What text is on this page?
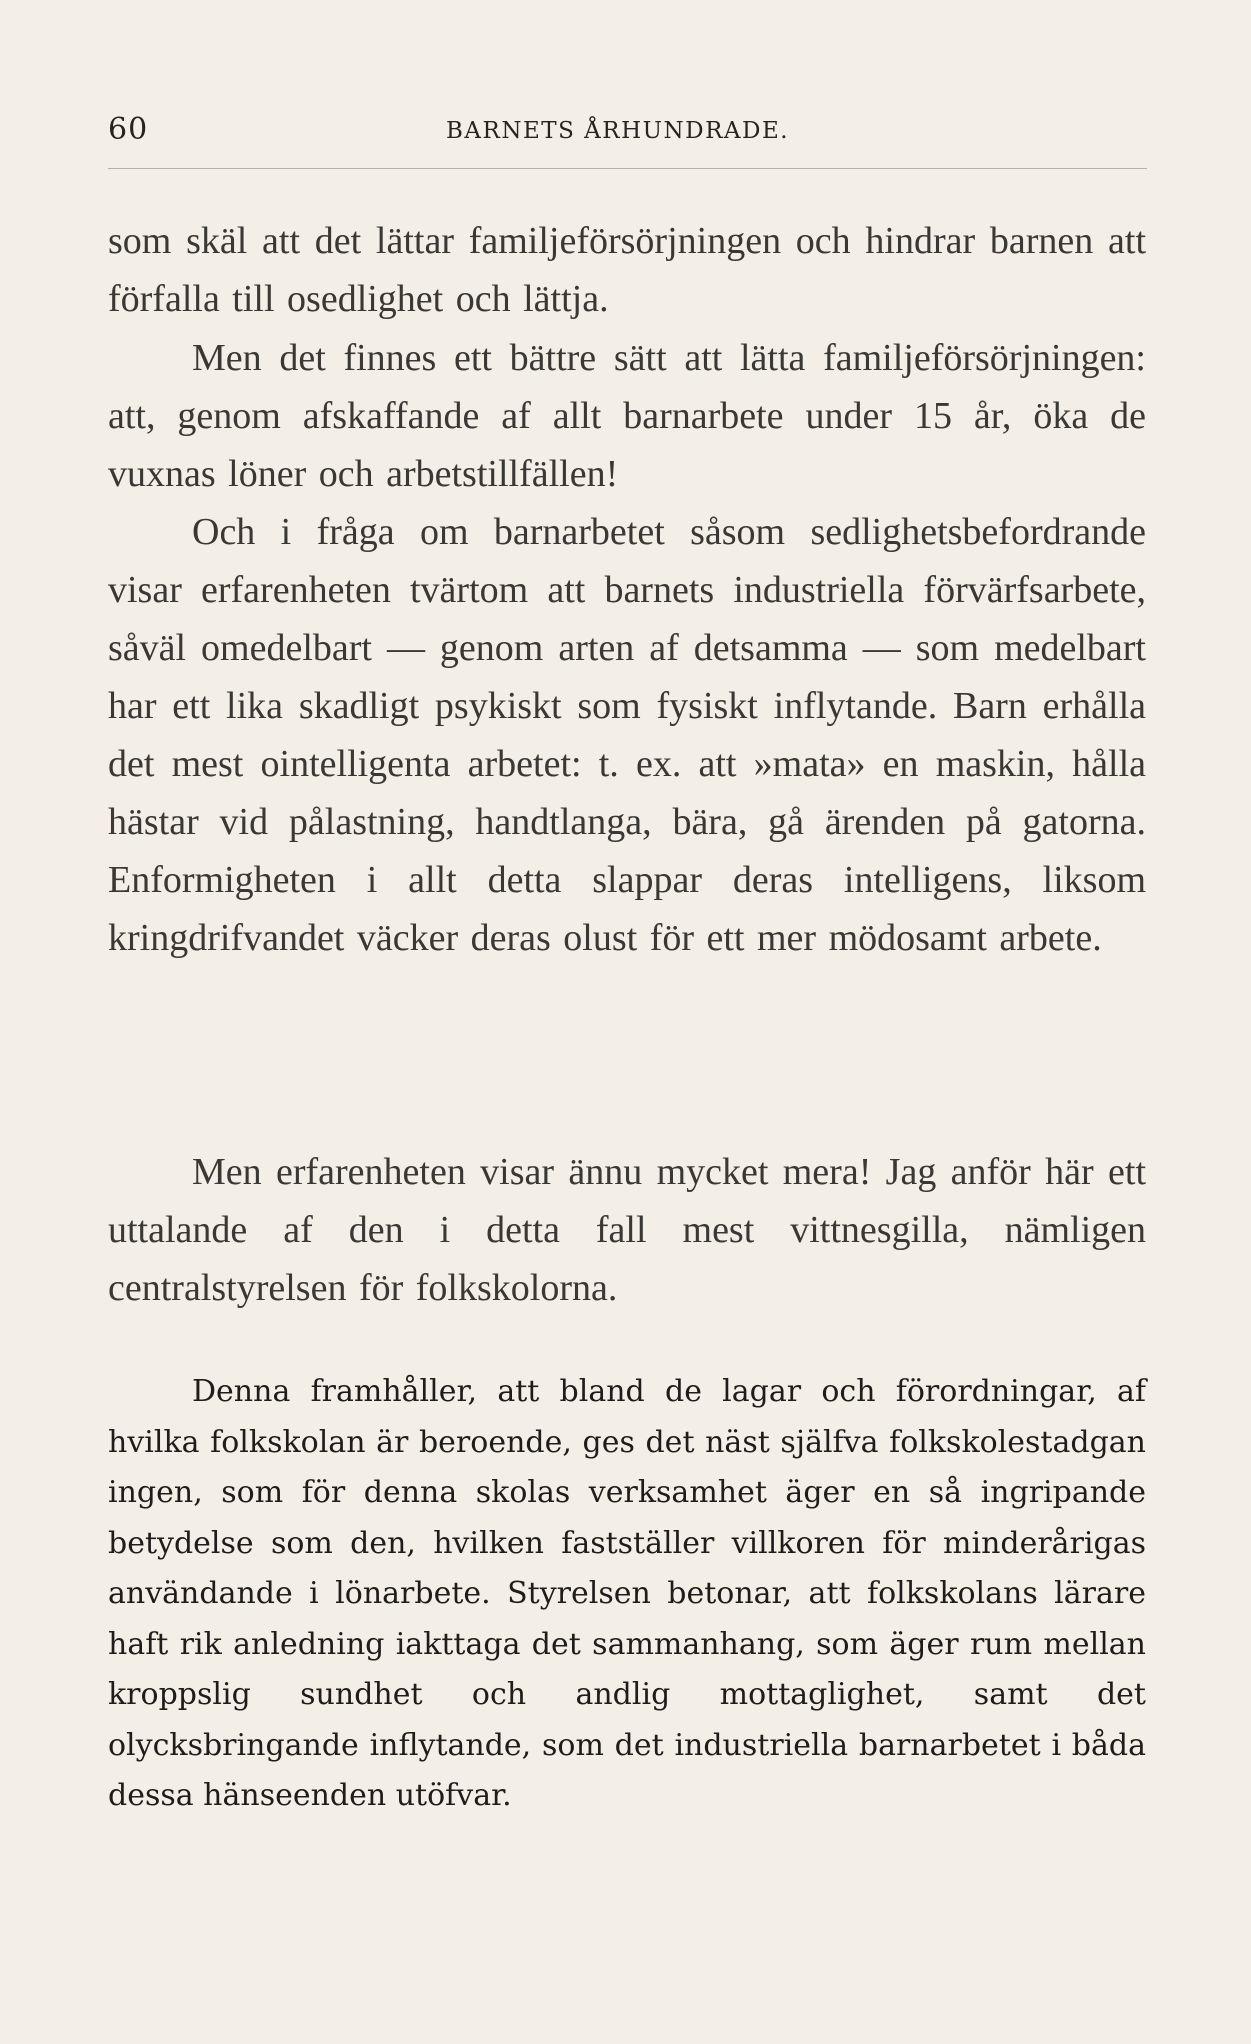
60	BARNETS ÅRHUNDRADE.

som skäl att det lättar familjeförsörjningen och hindrar barnen att förfalla till osedlighet och lättja.

Men det finnes ett bättre sätt att lätta familjeförsörjningen: att, genom afskaffande af allt barnarbete under 15 år, öka de vuxnas löner och arbetstillfällen!

Och i fråga om barnarbetet såsom sedlighetsbefordrande visar erfarenheten tvärtom att barnets industriella förvärfsarbete, såväl omedelbart — genom arten af detsamma — som medelbart har ett lika skadligt psykiskt som fysiskt inflytande. Barn erhålla det mest ointelligenta arbetet: t. ex. att »mata» en maskin, hålla hästar vid pålastning, handtlanga, bära, gå ärenden på gatorna. Enformigheten i allt detta slappar deras intelligens, liksom kringdrifvandet väcker deras olust för ett mer mödosamt arbete.

Men erfarenheten visar ännu mycket mera! Jag anför här ett uttalande af den i detta fall mest vittnesgilla, nämligen centralstyrelsen för folkskolorna.

Denna framhåller, att bland de lagar och förordningar, af hvilka folkskolan är beroende, ges det näst själfva folkskolestadgan ingen, som för denna skolas verksamhet äger en så ingripande betydelse som den, hvilken fastställer villkoren för minderårigas användande i lönarbete. Styrelsen betonar, att folkskolans lärare haft rik anledning iakttaga det sammanhang, som äger rum mellan kroppslig sundhet och andlig mottaglighet, samt det olycksbringande inflytande, som det industriella barnarbetet i båda dessa hänseenden utöfvar.
